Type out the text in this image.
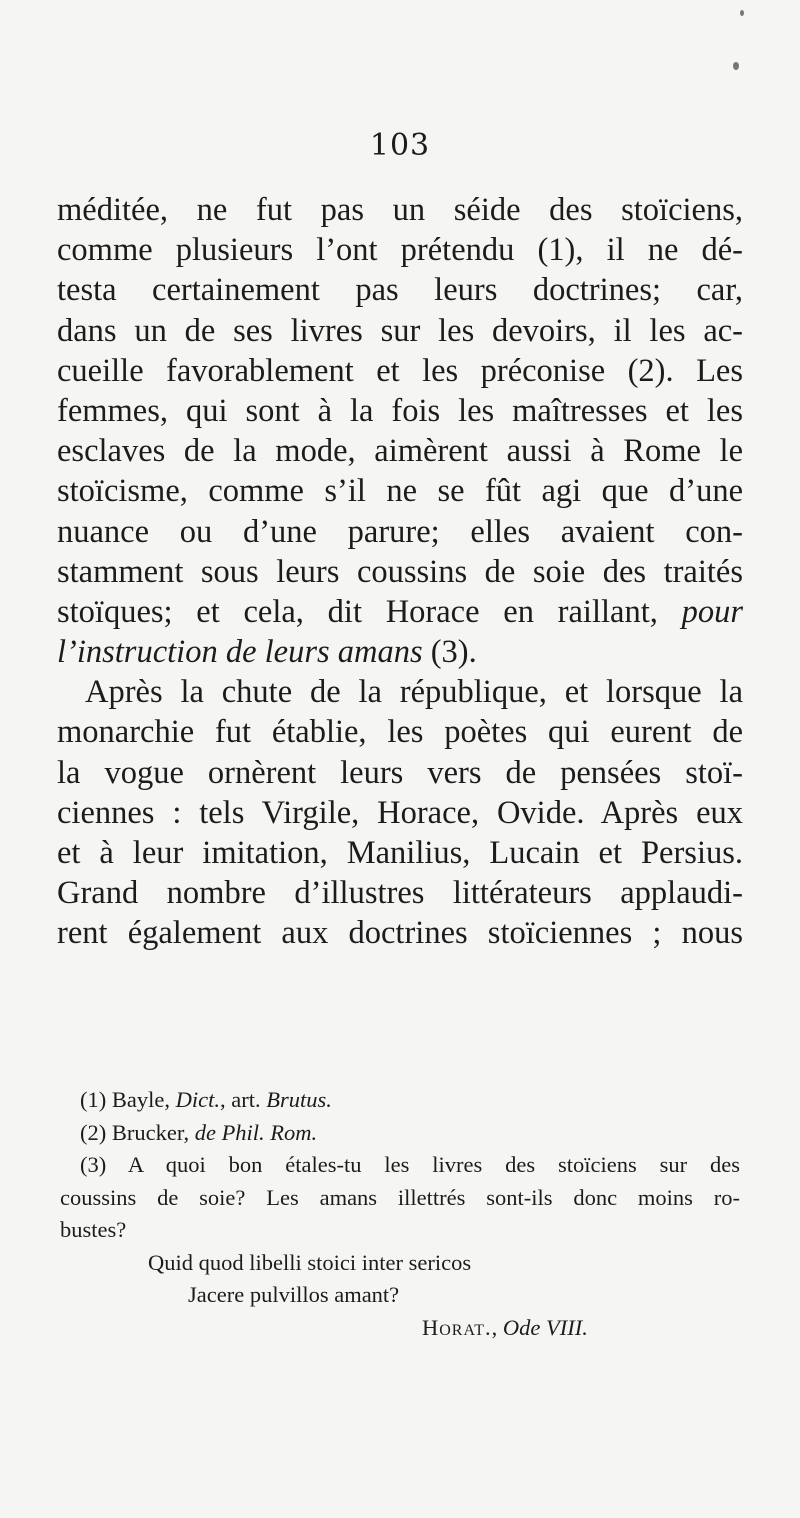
103
méditée, ne fut pas un séide des stoïciens,
comme plusieurs l’ont prétendu (1), il ne dé-
testa certainement pas leurs doctrines; car,
dans un de ses livres sur les devoirs, il les ac-
cueille favorablement et les préconise (2). Les
femmes, qui sont à la fois les maîtresses et les
esclaves de la mode, aimèrent aussi à Rome le
stoïcisme, comme s’il ne se fût agi que d’une
nuance ou d’une parure; elles avaient con-
stamment sous leurs coussins de soie des traités
stoïques; et cela, dit Horace en raillant, pour
l’instruction de leurs amans (3).
Après la chute de la république, et lorsque la
monarchie fut établie, les poètes qui eurent de
la vogue ornèrent leurs vers de pensées stoï-
ciennes : tels Virgile, Horace, Ovide. Après eux
et à leur imitation, Manilius, Lucain et Persius.
Grand nombre d’illustres littérateurs applaudi-
rent également aux doctrines stoïciennes ; nous
(1) Bayle, Dict., art. Brutus.
(2) Brucker, de Phil. Rom.
(3) A quoi bon étales-tu les livres des stoïciens sur des
coussins de soie? Les amans illettrés sont-ils donc moins ro-
bustes?
Quid quod libelli stoici inter sericos
Jacere pulvillos amant?
Horat., Ode VIII.
